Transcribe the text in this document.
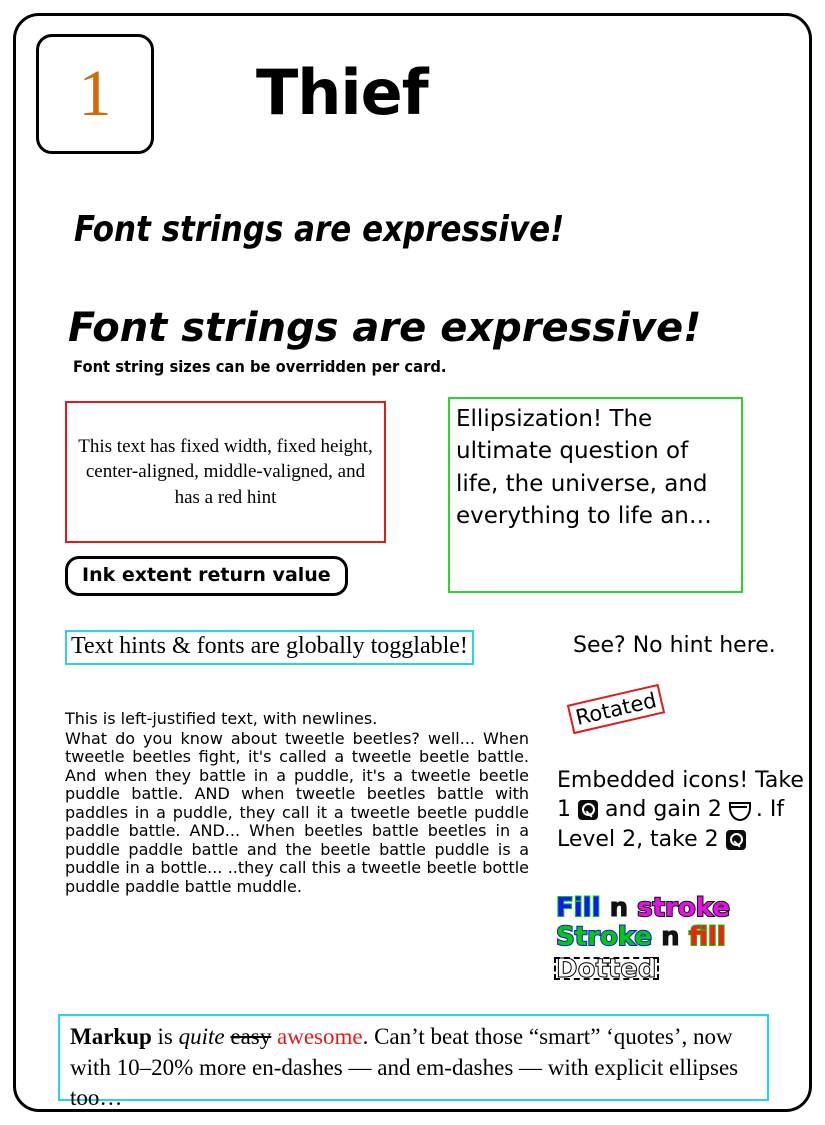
1 Thief
Font strings are expressive!
Font strings are expressive!
Font string sizes can be overridden per card.
This text has fixed width, fixed height, center-aligned, middle-valigned, and has a red hint
Ellipsization! The ultimate question of life, the universe, and everything to life an…
Ink extent return value
Text hints & fonts are globally togglable!	See? No hint here.
This is left-justified text, with newlines.
What do you know about tweetle beetles? well... When tweetle beetles fight, it's called a tweetle beetle battle. And when they battle in a puddle, it's a tweetle beetle puddle battle. AND when tweetle beetles battle with paddles in a puddle, they call it a tweetle beetle puddle paddle battle. AND... When beetles battle beetles in a puddle paddle battle and the beetle battle puddle is a puddle in a bottle... ..they call this a tweetle beetle bottle puddle paddle battle muddle.
Rotated
Embedded icons! Take 1 and gain 2 . If Level 2, take 2
Fill n stroke
Stroke n fill
Dotted
Markup is quite easy awesome. Can’t beat those “smart” ‘quotes’, now with 10–20% more en-dashes — and em-dashes — with explicit ellipses too…
